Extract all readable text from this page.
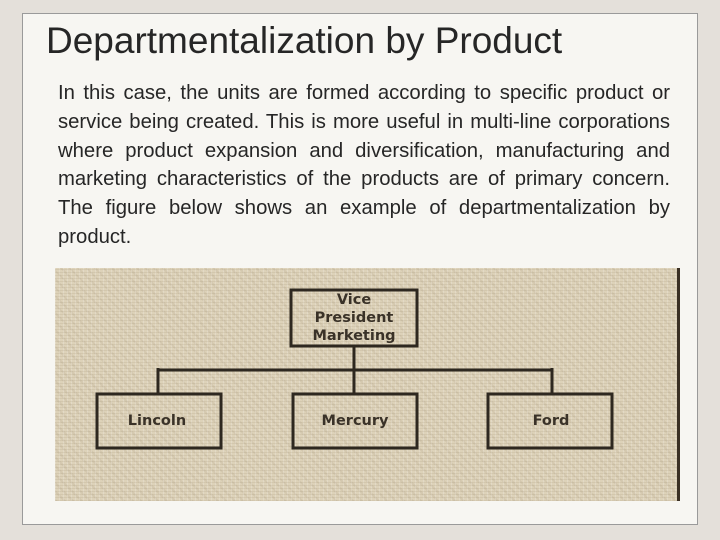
Departmentalization by Product

In this case, the units are formed according to specific product or service being created. This is more useful in multi-line corporations where product expansion and diversification, manufacturing and marketing characteristics of the products are of primary concern. The figure below shows an example of departmentalization by product.

Vice
President
Marketing
Lincoln	Mercury	Ford
